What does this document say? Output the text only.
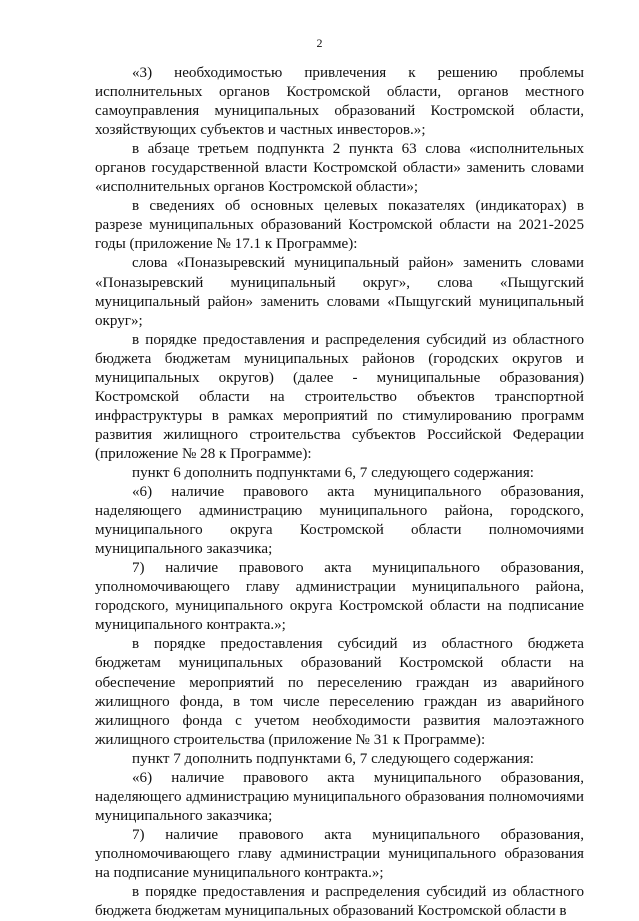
2

«3) необходимостью привлечения к решению проблемы исполнительных органов Костромской области, органов местного самоуправления муниципальных образований Костромской области, хозяйствующих субъектов и частных инвесторов.»;

в абзаце третьем подпункта 2 пункта 63 слова «исполнительных органов государственной власти Костромской области» заменить словами «исполнительных органов Костромской области»;

в сведениях об основных целевых показателях (индикаторах) в разрезе муниципальных образований Костромской области на 2021-2025 годы (приложение № 17.1 к Программе):

слова «Поназыревский муниципальный район» заменить словами «Поназыревский муниципальный округ», слова «Пыщугский муниципальный район» заменить словами «Пыщугский муниципальный округ»;

в порядке предоставления и распределения субсидий из областного бюджета бюджетам муниципальных районов (городских округов и муниципальных округов) (далее - муниципальные образования) Костромской области на строительство объектов транспортной инфраструктуры в рамках мероприятий по стимулированию программ развития жилищного строительства субъектов Российской Федерации (приложение № 28 к Программе):

пункт 6 дополнить подпунктами 6, 7 следующего содержания:

«6) наличие правового акта муниципального образования, наделяющего администрацию муниципального района, городского, муниципального округа Костромской области полномочиями муниципального заказчика;

7) наличие правового акта муниципального образования, уполномочивающего главу администрации муниципального района, городского, муниципального округа Костромской области на подписание муниципального контракта.»;

в порядке предоставления субсидий из областного бюджета бюджетам муниципальных образований Костромской области на обеспечение мероприятий по переселению граждан из аварийного жилищного фонда, в том числе переселению граждан из аварийного жилищного фонда с учетом необходимости развития малоэтажного жилищного строительства (приложение № 31 к Программе):

пункт 7 дополнить подпунктами 6, 7 следующего содержания:

«6) наличие правового акта муниципального образования, наделяющего администрацию муниципального образования полномочиями муниципального заказчика;

7) наличие правового акта муниципального образования, уполномочивающего главу администрации муниципального образования на подписание муниципального контракта.»;

в порядке предоставления и распределения субсидий из областного бюджета бюджетам муниципальных образований Костромской области в
